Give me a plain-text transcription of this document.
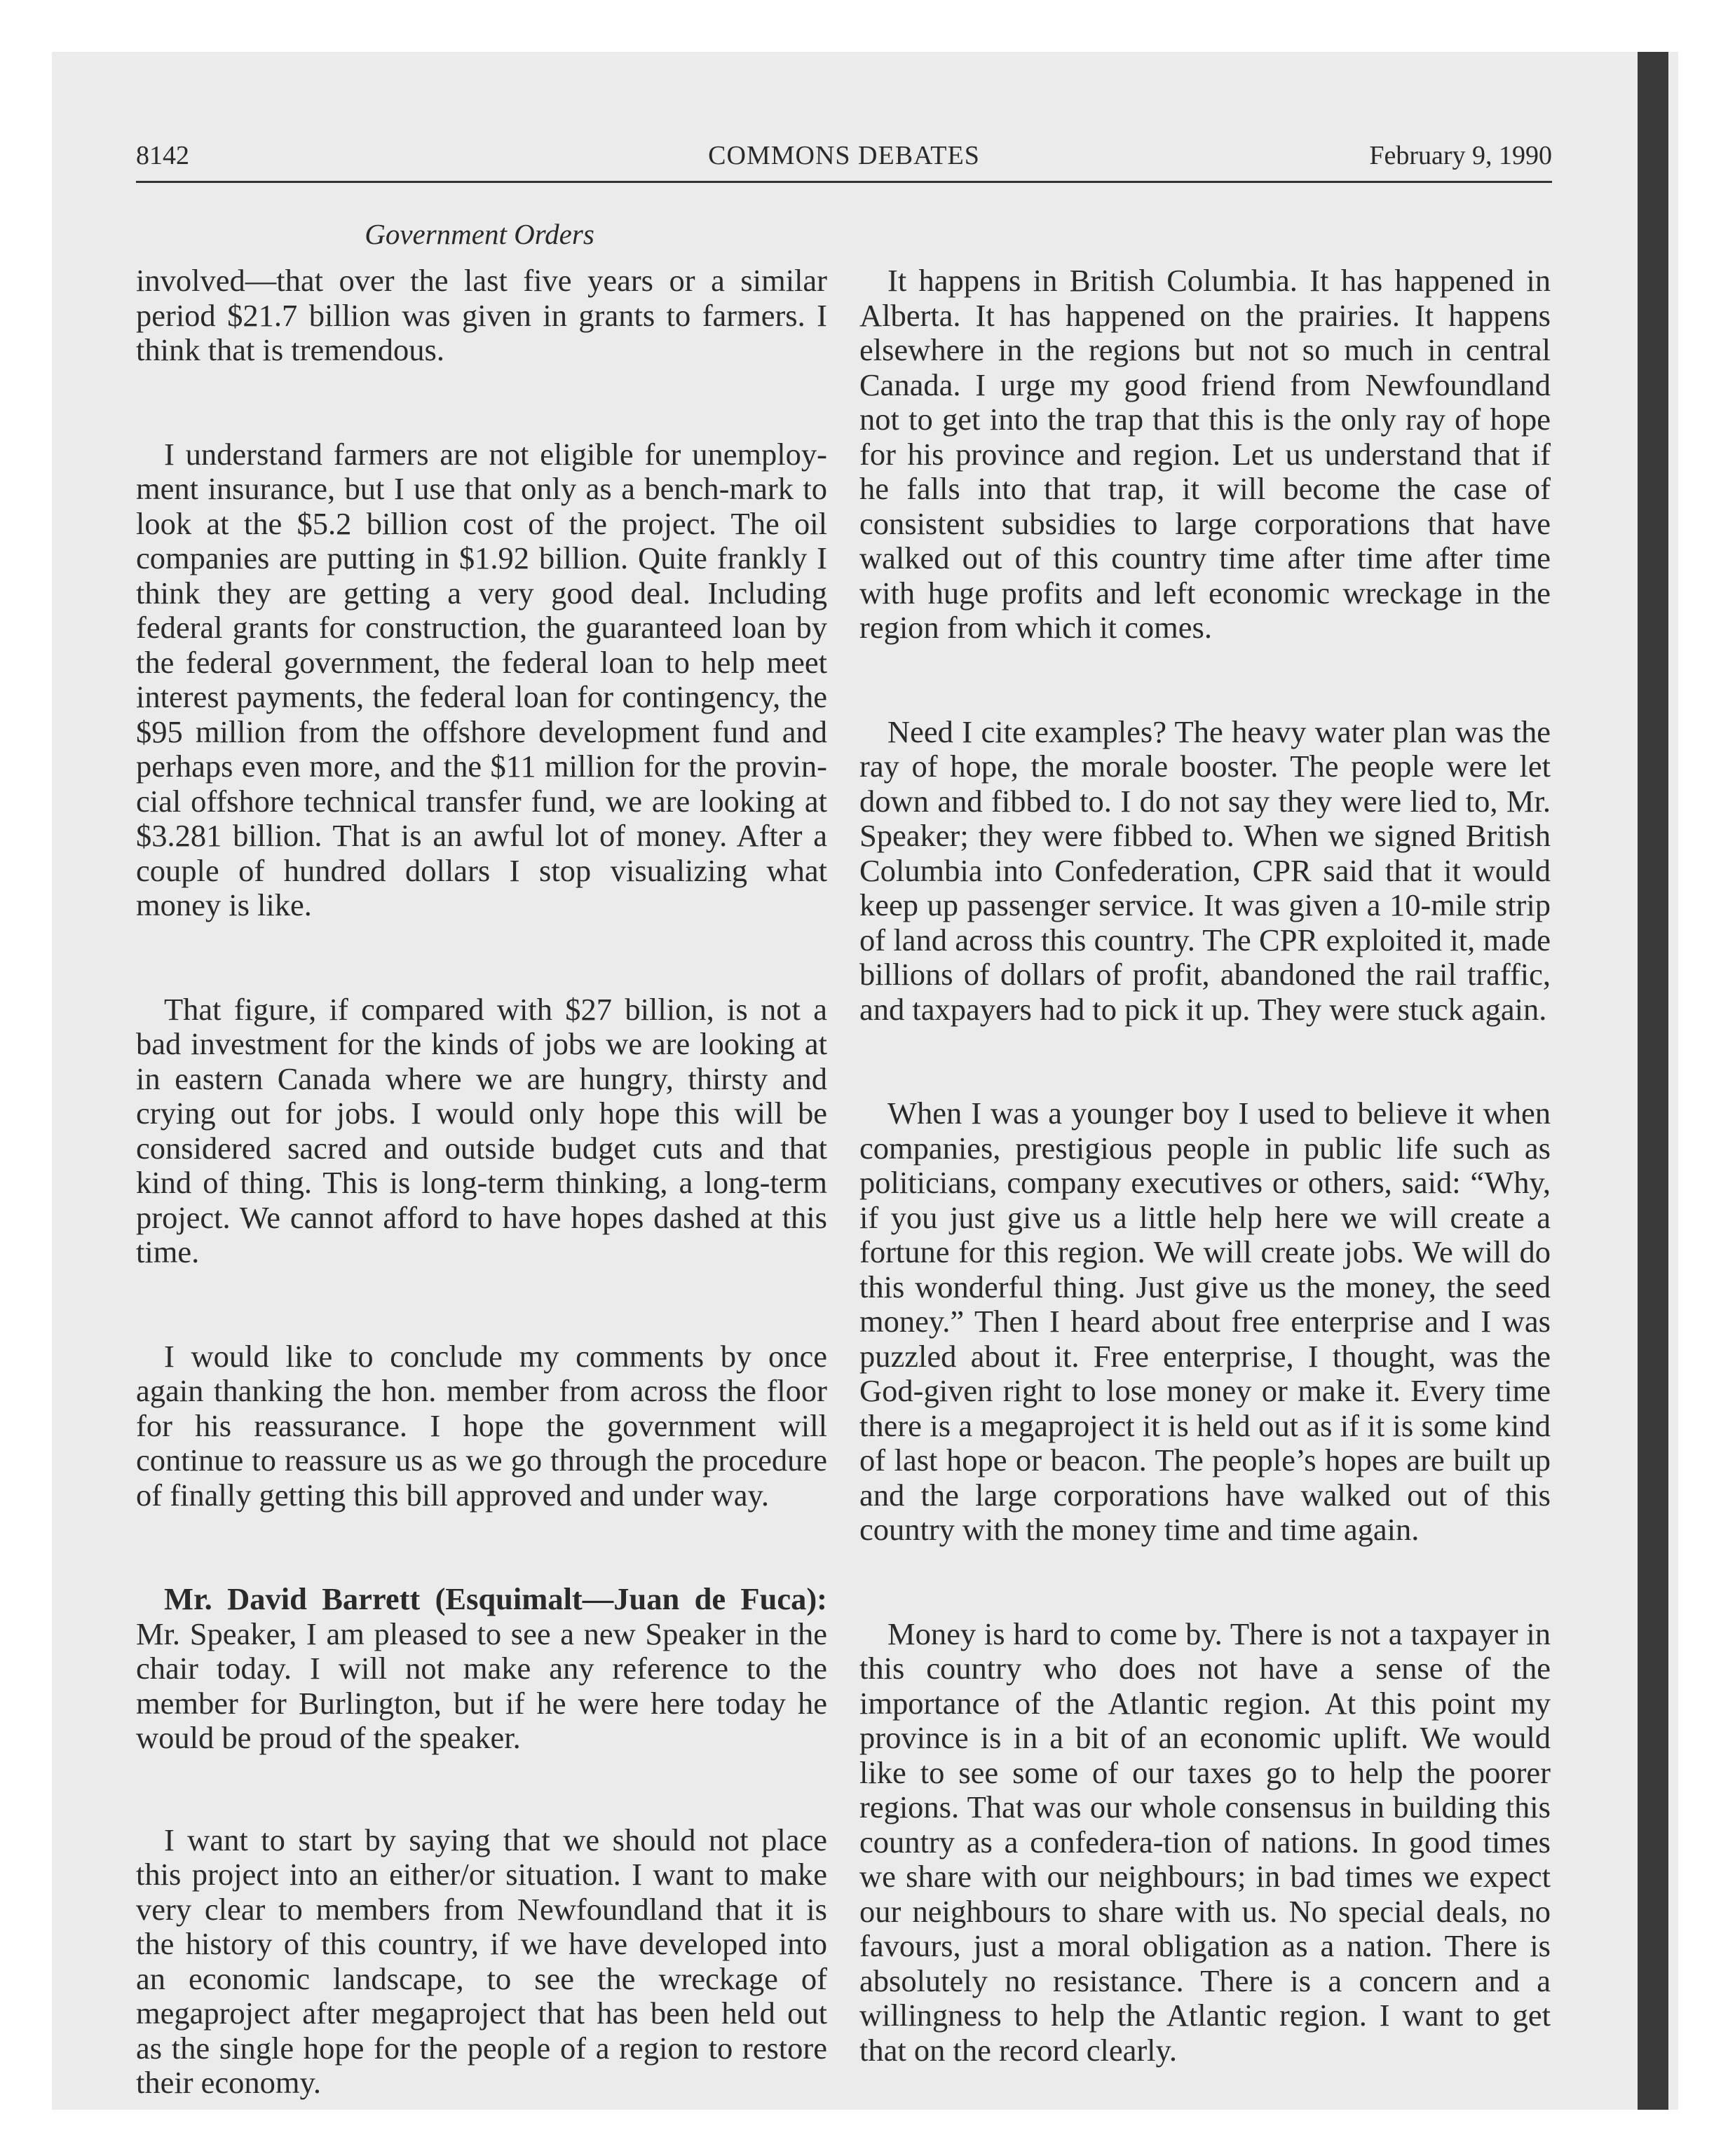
8142	COMMONS DEBATES	February 9, 1990
Government Orders

involved—that over the last five years or a similar period $21.7 billion was given in grants to farmers. I think that is tremendous.

I understand farmers are not eligible for unemploy-ment insurance, but I use that only as a bench-mark to look at the $5.2 billion cost of the project. The oil companies are putting in $1.92 billion. Quite frankly I think they are getting a very good deal. Including federal grants for construction, the guaranteed loan by the federal government, the federal loan to help meet interest payments, the federal loan for contingency, the $95 million from the offshore development fund and perhaps even more, and the $11 million for the provin-cial offshore technical transfer fund, we are looking at $3.281 billion. That is an awful lot of money. After a couple of hundred dollars I stop visualizing what money is like.

That figure, if compared with $27 billion, is not a bad investment for the kinds of jobs we are looking at in eastern Canada where we are hungry, thirsty and crying out for jobs. I would only hope this will be considered sacred and outside budget cuts and that kind of thing. This is long-term thinking, a long-term project. We cannot afford to have hopes dashed at this time.

I would like to conclude my comments by once again thanking the hon. member from across the floor for his reassurance. I hope the government will continue to reassure us as we go through the procedure of finally getting this bill approved and under way.

Mr. David Barrett (Esquimalt—Juan de Fuca): Mr. Speaker, I am pleased to see a new Speaker in the chair today. I will not make any reference to the member for Burlington, but if he were here today he would be proud of the speaker.

I want to start by saying that we should not place this project into an either/or situation. I want to make very clear to members from Newfoundland that it is the history of this country, if we have developed into an economic landscape, to see the wreckage of megaproject after megaproject that has been held out as the single hope for the people of a region to restore their economy.

It happens in British Columbia. It has happened in Alberta. It has happened on the prairies. It happens elsewhere in the regions but not so much in central Canada. I urge my good friend from Newfoundland not to get into the trap that this is the only ray of hope for his province and region. Let us understand that if he falls into that trap, it will become the case of consistent subsidies to large corporations that have walked out of this country time after time after time with huge profits and left economic wreckage in the region from which it comes.

Need I cite examples? The heavy water plan was the ray of hope, the morale booster. The people were let down and fibbed to. I do not say they were lied to, Mr. Speaker; they were fibbed to. When we signed British Columbia into Confederation, CPR said that it would keep up passenger service. It was given a 10-mile strip of land across this country. The CPR exploited it, made billions of dollars of profit, abandoned the rail traffic, and taxpayers had to pick it up. They were stuck again.

When I was a younger boy I used to believe it when companies, prestigious people in public life such as politicians, company executives or others, said: “Why, if you just give us a little help here we will create a fortune for this region. We will create jobs. We will do this wonderful thing. Just give us the money, the seed money.” Then I heard about free enterprise and I was puzzled about it. Free enterprise, I thought, was the God-given right to lose money or make it. Every time there is a megaproject it is held out as if it is some kind of last hope or beacon. The people’s hopes are built up and the large corporations have walked out of this country with the money time and time again.

Money is hard to come by. There is not a taxpayer in this country who does not have a sense of the importance of the Atlantic region. At this point my province is in a bit of an economic uplift. We would like to see some of our taxes go to help the poorer regions. That was our whole consensus in building this country as a confedera-tion of nations. In good times we share with our neighbours; in bad times we expect our neighbours to share with us. No special deals, no favours, just a moral obligation as a nation. There is absolutely no resistance. There is a concern and a willingness to help the Atlantic region. I want to get that on the record clearly.
